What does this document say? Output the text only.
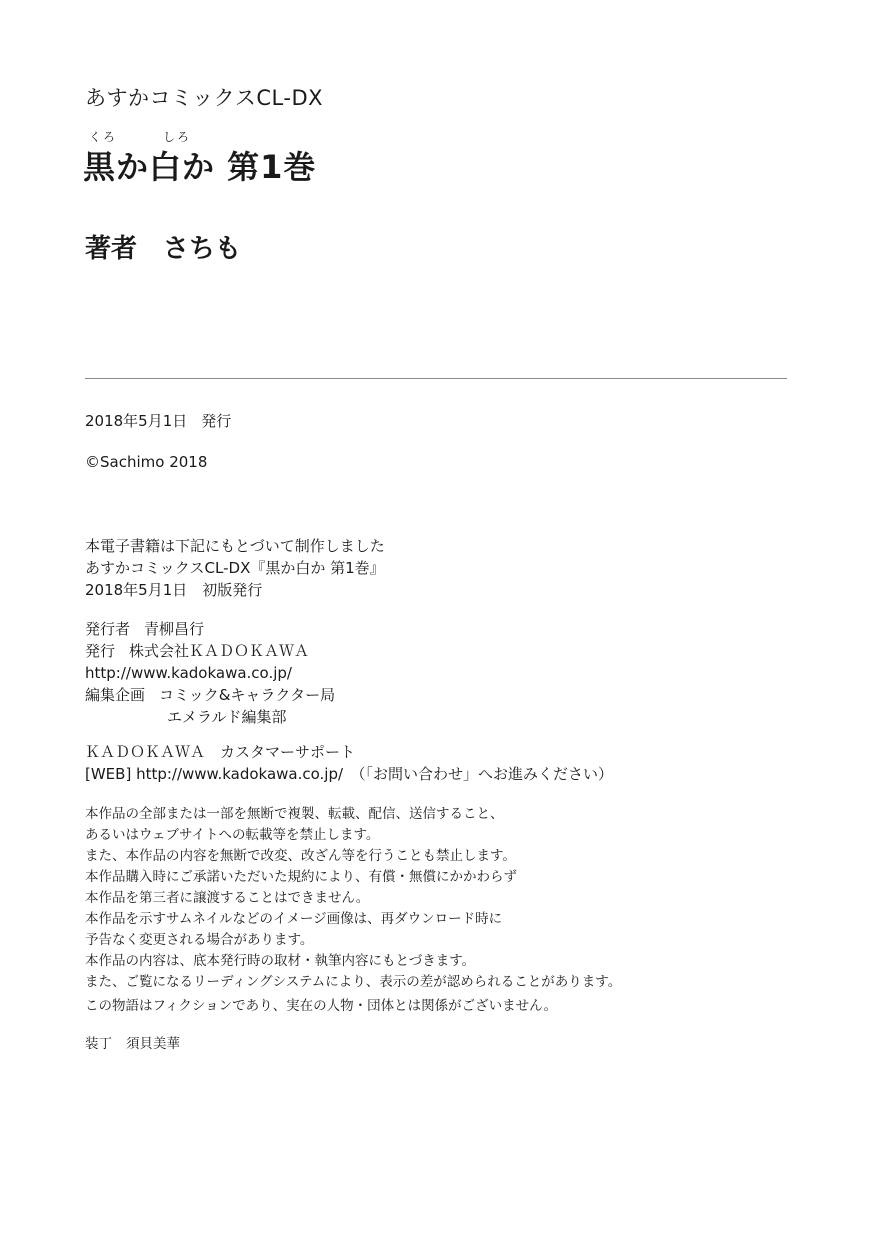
あすかコミックスCL-DX
くろ	しろ
黒か白か 第1巻
著者 さちも
2018年5月1日 発行
©Sachimo 2018
本電子書籍は下記にもとづいて制作しました
あすかコミックスCL-DX『黒か白か 第1巻』
2018年5月1日　初版発行
発行者 青柳昌行
発行 株式会社ＫＡＤＯＫＡＷＡ
http://www.kadokawa.co.jp/
編集企画 コミック&キャラクター局
エメラルド編集部
ＫＡＤＯＫＡＷＡ　カスタマーサポート
[WEB] http://www.kadokawa.co.jp/　（「お問い合わせ」へお進みください）
本作品の全部または一部を無断で複製、転載、配信、送信すること、
あるいはウェブサイトへの転載等を禁止します。
また、本作品の内容を無断で改変、改ざん等を行うことも禁止します。
本作品購入時にご承諾いただいた規約により、有償・無償にかかわらず
本作品を第三者に譲渡することはできません。
本作品を示すサムネイルなどのイメージ画像は、再ダウンロード時に
予告なく変更される場合があります。
本作品の内容は、底本発行時の取材・執筆内容にもとづきます。
また、ご覧になるリーディングシステムにより、表示の差が認められることがあります。
この物語はフィクションであり、実在の人物・団体とは関係がございません。
装丁 須貝美華
